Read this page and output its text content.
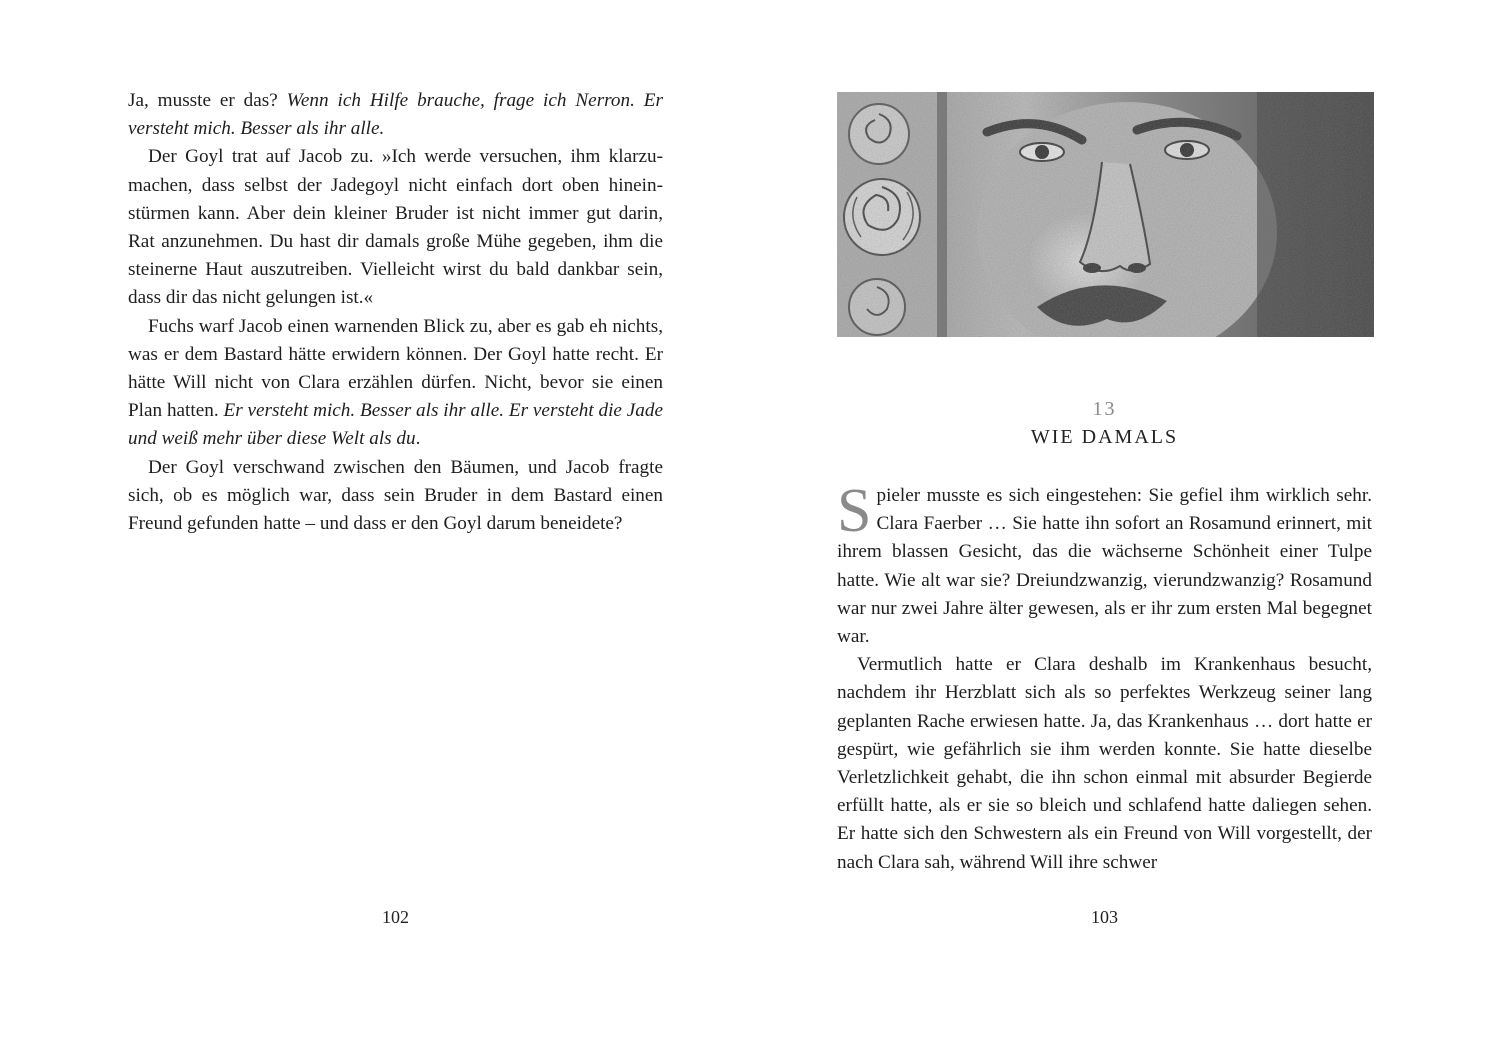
Ja, musste er das? Wenn ich Hilfe brauche, frage ich Nerron. Er versteht mich. Besser als ihr alle.

Der Goyl trat auf Jacob zu. »Ich werde versuchen, ihm klarzumachen, dass selbst der Jadegoyl nicht einfach dort oben hineinstürmen kann. Aber dein kleiner Bruder ist nicht immer gut darin, Rat anzunehmen. Du hast dir damals große Mühe gegeben, ihm die steinerne Haut auszutreiben. Vielleicht wirst du bald dankbar sein, dass dir das nicht gelungen ist.«

Fuchs warf Jacob einen warnenden Blick zu, aber es gab eh nichts, was er dem Bastard hätte erwidern können. Der Goyl hatte recht. Er hätte Will nicht von Clara erzählen dürfen. Nicht, bevor sie einen Plan hatten. Er versteht mich. Besser als ihr alle. Er versteht die Jade und weiß mehr über diese Welt als du.

Der Goyl verschwand zwischen den Bäumen, und Jacob fragte sich, ob es möglich war, dass sein Bruder in dem Bastard einen Freund gefunden hatte – und dass er den Goyl darum beneidete?

102
13
WIE DAMALS

Spieler musste es sich eingestehen: Sie gefiel ihm wirklich sehr. Clara Faerber … Sie hatte ihn sofort an Rosamund erinnert, mit ihrem blassen Gesicht, das die wächserne Schönheit einer Tulpe hatte. Wie alt war sie? Dreiundzwanzig, vierundzwanzig? Rosamund war nur zwei Jahre älter gewesen, als er ihr zum ersten Mal begegnet war.

Vermutlich hatte er Clara deshalb im Krankenhaus besucht, nachdem ihr Herzblatt sich als so perfektes Werkzeug seiner lang geplanten Rache erwiesen hatte. Ja, das Krankenhaus … dort hatte er gespürt, wie gefährlich sie ihm werden konnte. Sie hatte dieselbe Verletzlichkeit gehabt, die ihn schon einmal mit absurder Begierde erfüllt hatte, als er sie so bleich und schlafend hatte daliegen sehen. Er hatte sich den Schwestern als ein Freund von Will vorgestellt, der nach Clara sah, während Will ihre schwer

103
